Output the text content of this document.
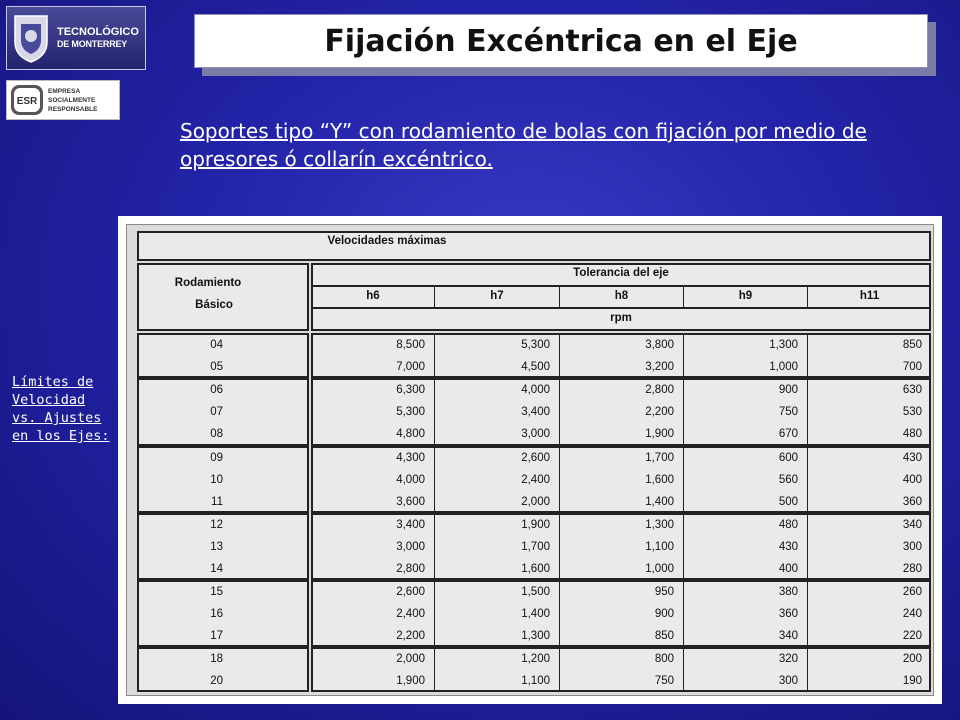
TECNOLÓGICO
DE MONTERREY
ESR
EMPRESA
SOCIALMENTE
RESPONSABLE
Fijación Excéntrica en el Eje
Soportes tipo “Y” con rodamiento de bolas con fijación por medio de opresores ó collarín excéntrico.
Límites de Velocidad vs. Ajustes en los Ejes:
Velocidades máximas
Rodamiento
Básico
Tolerancia del eje
h6	h7	h8	h9	h11
rpm
04	8,500	5,300	3,800	1,300	850
05	7,000	4,500	3,200	1,000	700
06	6,300	4,000	2,800	900	630
07	5,300	3,400	2,200	750	530
08	4,800	3,000	1,900	670	480
09	4,300	2,600	1,700	600	430
10	4,000	2,400	1,600	560	400
11	3,600	2,000	1,400	500	360
12	3,400	1,900	1,300	480	340
13	3,000	1,700	1,100	430	300
14	2,800	1,600	1,000	400	280
15	2,600	1,500	950	380	260
16	2,400	1,400	900	360	240
17	2,200	1,300	850	340	220
18	2,000	1,200	800	320	200
20	1,900	1,100	750	300	190
